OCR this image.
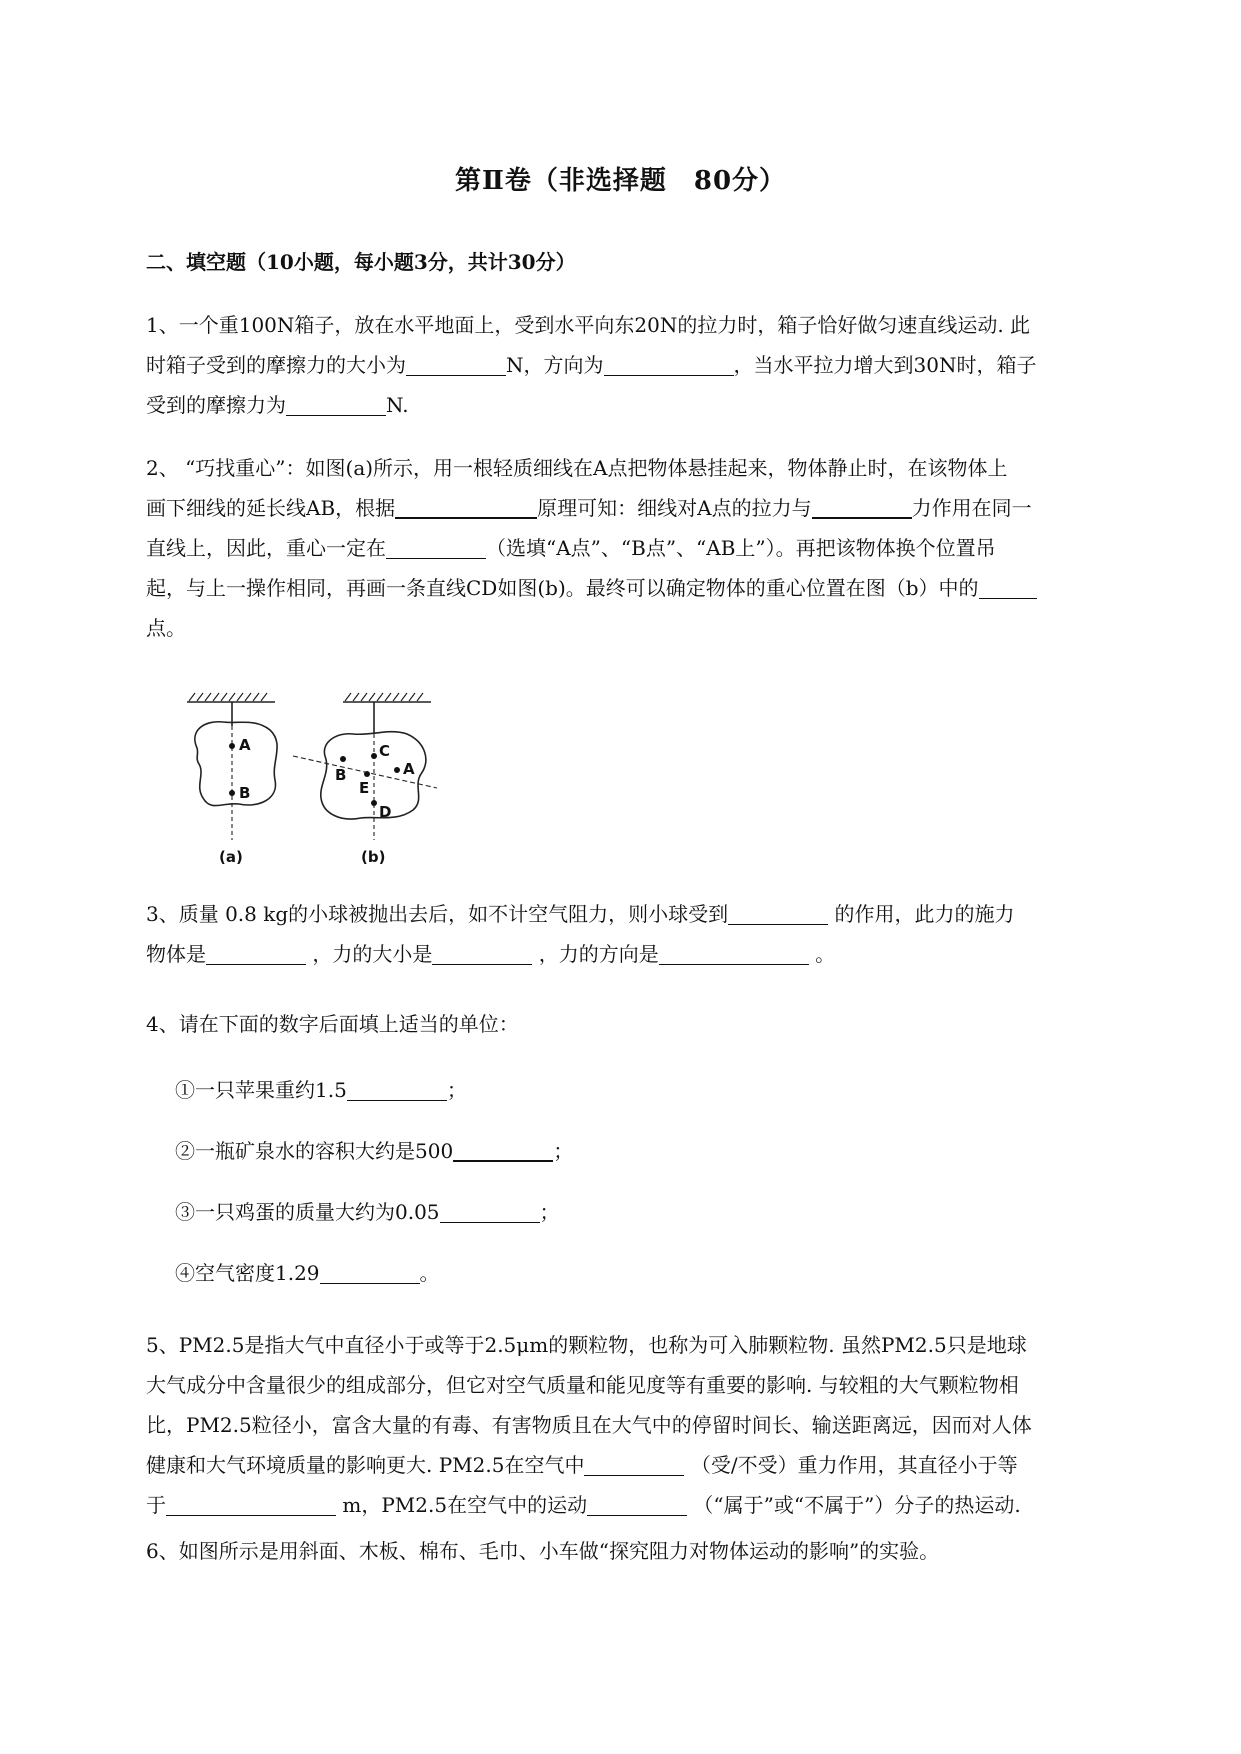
第Ⅱ卷（非选择题　80分）
二、填空题（10小题，每小题3分，共计30分）
1、一个重100N箱子，放在水平地面上，受到水平向东20N的拉力时，箱子恰好做匀速直线运动. 此
时箱子受到的摩擦力的大小为	N，方向为	，当水平拉力增大到30N时，箱子
受到的摩擦力为	N.
2、 “巧找重心”：如图(a)所示，用一根轻质细线在A点把物体悬挂起来，物体静止时，在该物体上
画下细线的延长线AB，根据	原理可知：细线对A点的拉力与	力作用在同一
直线上，因此，重心一定在	（选填“A点”、“B点”、“AB上”）。再把该物体换个位置吊
起，与上一操作相同，再画一条直线CD如图(b)。最终可以确定物体的重心位置在图（b）中的
点。
A
B
C
B
E
A
D
(a)	(b)
3、质量 0.8 kg的小球被抛出去后，如不计空气阻力，则小球受到	的作用，此力的施力
物体是	，力的大小是	，力的方向是	。
4、请在下面的数字后面填上适当的单位：
①一只苹果重约1.5	；
②一瓶矿泉水的容积大约是500	；
③一只鸡蛋的质量大约为0.05	；
④空气密度1.29	。
5、PM2.5是指大气中直径小于或等于2.5μm的颗粒物，也称为可入肺颗粒物. 虽然PM2.5只是地球
大气成分中含量很少的组成部分，但它对空气质量和能见度等有重要的影响. 与较粗的大气颗粒物相
比，PM2.5粒径小，富含大量的有毒、有害物质且在大气中的停留时间长、输送距离远，因而对人体
健康和大气环境质量的影响更大. PM2.5在空气中	（受/不受）重力作用，其直径小于等
于	m，PM2.5在空气中的运动	（“属于”或“不属于”）分子的热运动.
6、如图所示是用斜面、木板、棉布、毛巾、小车做“探究阻力对物体运动的影响”的实验。
